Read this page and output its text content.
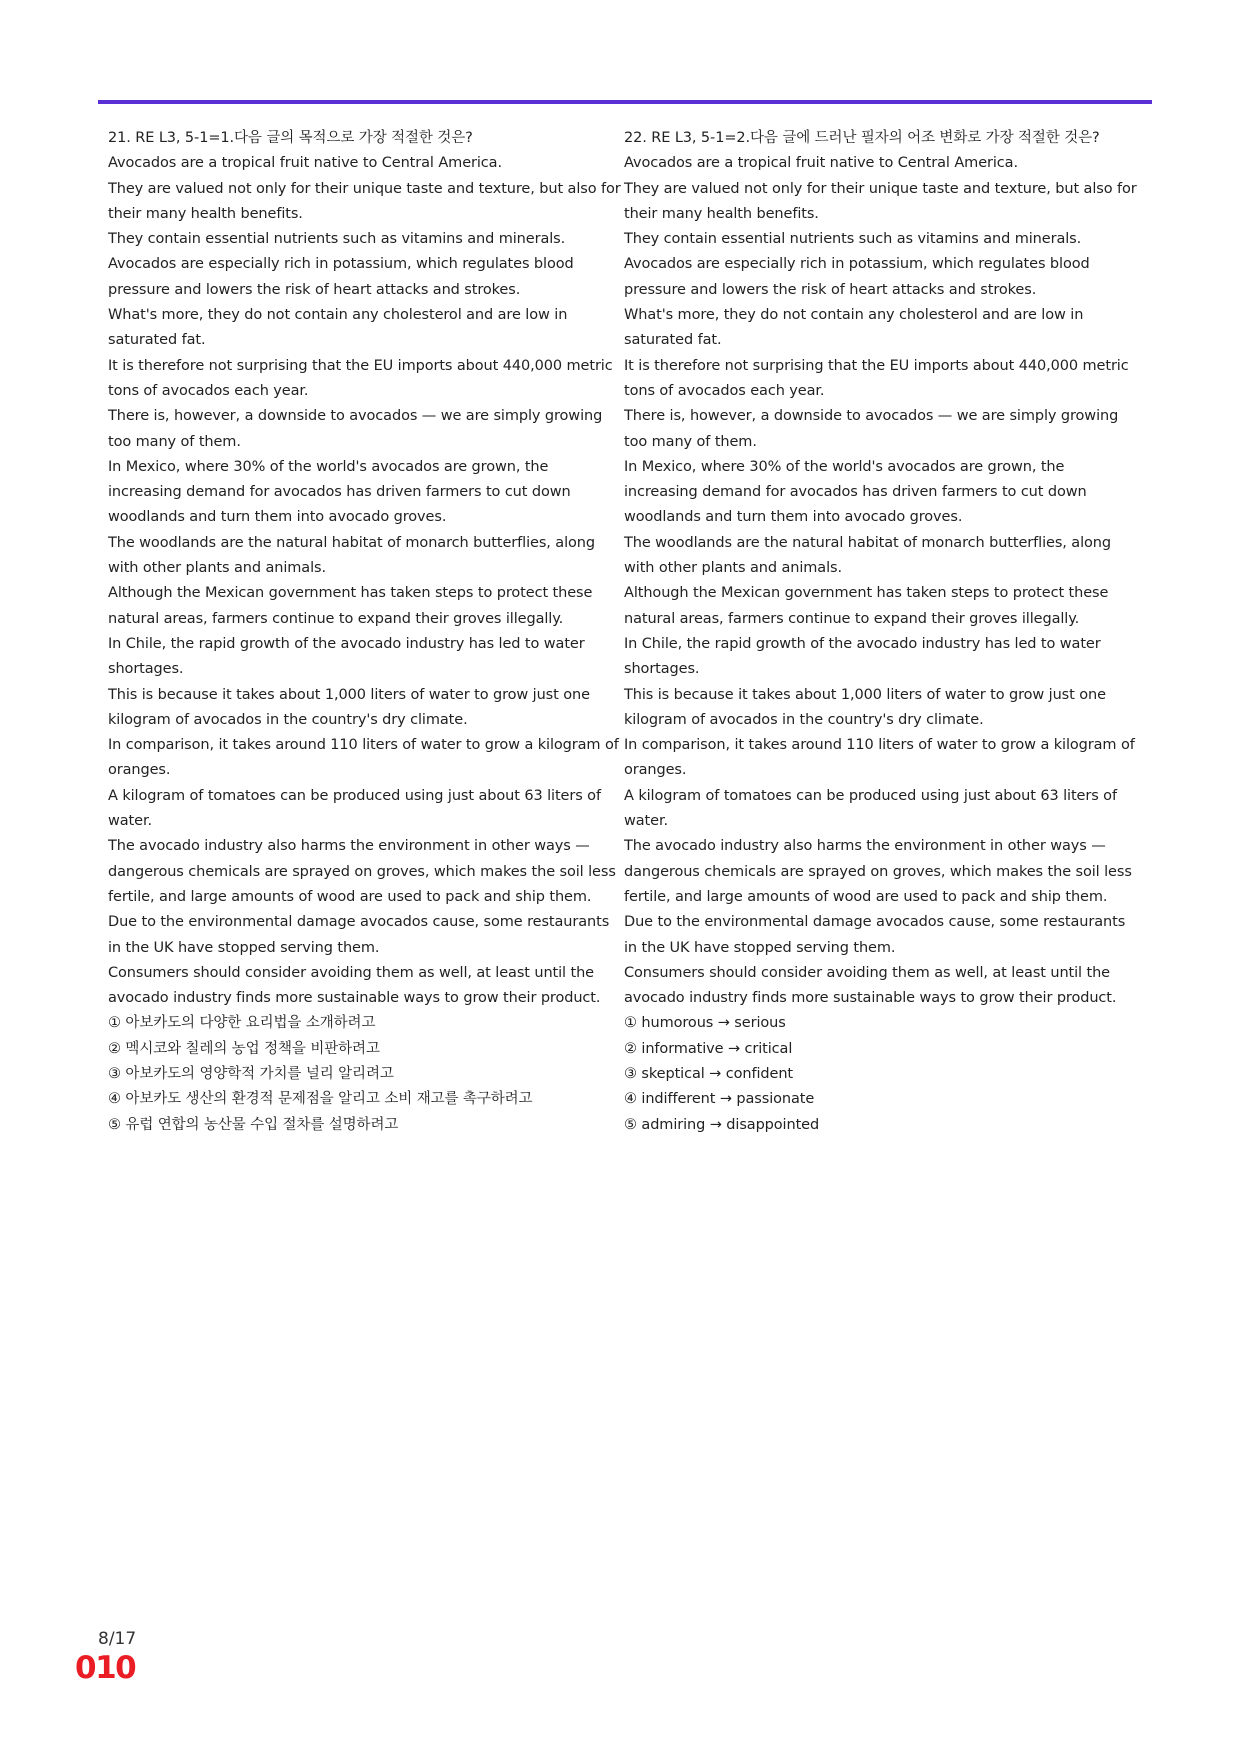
21. RE L3, 5-1=1.다음 글의 목적으로 가장 적절한 것은?

Avocados are a tropical fruit native to Central America.

They are valued not only for their unique taste and texture, but also for their many health benefits.

They contain essential nutrients such as vitamins and minerals.

Avocados are especially rich in potassium, which regulates blood pressure and lowers the risk of heart attacks and strokes.

What's more, they do not contain any cholesterol and are low in saturated fat.

It is therefore not surprising that the EU imports about 440,000 metric tons of avocados each year.

There is, however, a downside to avocados — we are simply growing too many of them.

In Mexico, where 30% of the world's avocados are grown, the increasing demand for avocados has driven farmers to cut down woodlands and turn them into avocado groves.

The woodlands are the natural habitat of monarch butterflies, along with other plants and animals.

Although the Mexican government has taken steps to protect these natural areas, farmers continue to expand their groves illegally.

In Chile, the rapid growth of the avocado industry has led to water shortages.

This is because it takes about 1,000 liters of water to grow just one kilogram of avocados in the country's dry climate.

In comparison, it takes around 110 liters of water to grow a kilogram of oranges.

A kilogram of tomatoes can be produced using just about 63 liters of water.

The avocado industry also harms the environment in other ways — dangerous chemicals are sprayed on groves, which makes the soil less fertile, and large amounts of wood are used to pack and ship them.

Due to the environmental damage avocados cause, some restaurants in the UK have stopped serving them.

Consumers should consider avoiding them as well, at least until the avocado industry finds more sustainable ways to grow their product.

① 아보카도의 다양한 요리법을 소개하려고

② 멕시코와 칠레의 농업 정책을 비판하려고

③ 아보카도의 영양학적 가치를 널리 알리려고

④ 아보카도 생산의 환경적 문제점을 알리고 소비 재고를 촉구하려고

⑤ 유럽 연합의 농산물 수입 절차를 설명하려고

22. RE L3, 5-1=2.다음 글에 드러난 필자의 어조 변화로 가장 적절한 것은?

Avocados are a tropical fruit native to Central America.

They are valued not only for their unique taste and texture, but also for their many health benefits.

They contain essential nutrients such as vitamins and minerals.

Avocados are especially rich in potassium, which regulates blood pressure and lowers the risk of heart attacks and strokes.

What's more, they do not contain any cholesterol and are low in saturated fat.

It is therefore not surprising that the EU imports about 440,000 metric tons of avocados each year.

There is, however, a downside to avocados — we are simply growing too many of them.

In Mexico, where 30% of the world's avocados are grown, the increasing demand for avocados has driven farmers to cut down woodlands and turn them into avocado groves.

The woodlands are the natural habitat of monarch butterflies, along with other plants and animals.

Although the Mexican government has taken steps to protect these natural areas, farmers continue to expand their groves illegally.

In Chile, the rapid growth of the avocado industry has led to water shortages.

This is because it takes about 1,000 liters of water to grow just one kilogram of avocados in the country's dry climate.

In comparison, it takes around 110 liters of water to grow a kilogram of oranges.

A kilogram of tomatoes can be produced using just about 63 liters of water.

The avocado industry also harms the environment in other ways — dangerous chemicals are sprayed on groves, which makes the soil less fertile, and large amounts of wood are used to pack and ship them.

Due to the environmental damage avocados cause, some restaurants in the UK have stopped serving them.

Consumers should consider avoiding them as well, at least until the avocado industry finds more sustainable ways to grow their product.

① humorous → serious

② informative → critical

③ skeptical → confident

④ indifferent → passionate

⑤ admiring → disappointed

8/17
010
